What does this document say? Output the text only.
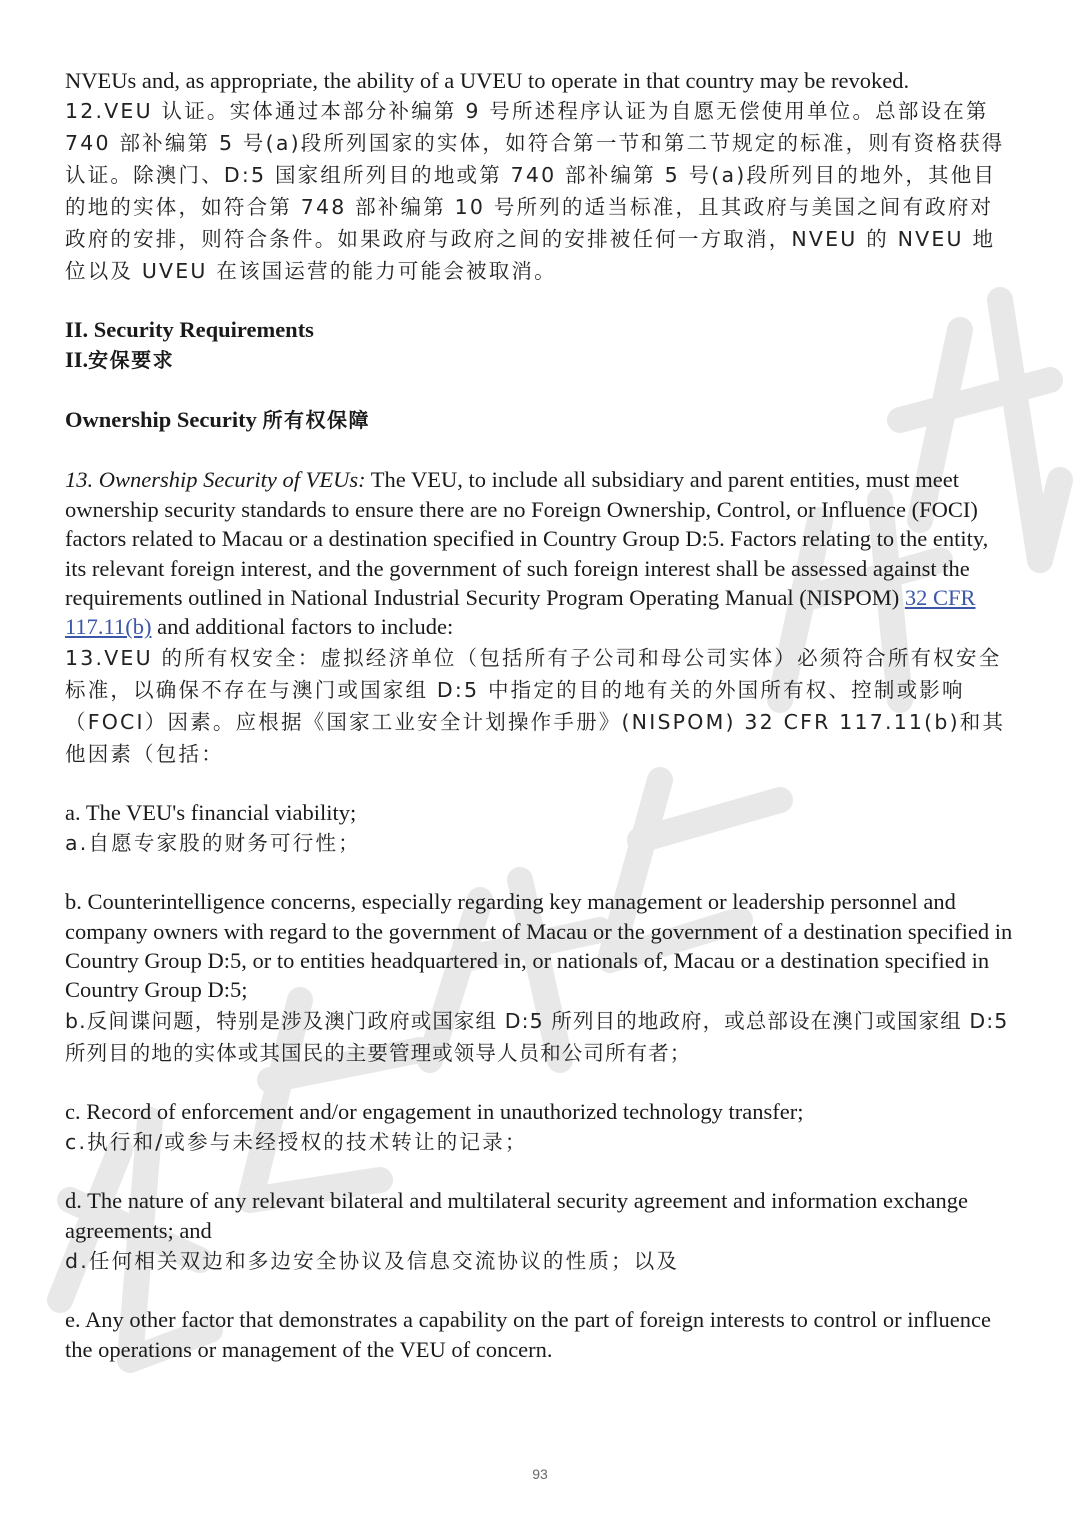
NVEUs and, as appropriate, the ability of a UVEU to operate in that country may be revoked.

12.VEU 认证。实体通过本部分补编第 9 号所述程序认证为自愿无偿使用单位。总部设在第 740 部补编第 5 号(a)段所列国家的实体，如符合第一节和第二节规定的标准，则有资格获得认证。除澳门、D:5 国家组所列目的地或第 740 部补编第 5 号(a)段所列目的地外，其他目的地的实体，如符合第 748 部补编第 10 号所列的适当标准，且其政府与美国之间有政府对政府的安排，则符合条件。如果政府与政府之间的安排被任何一方取消，NVEU 的 NVEU 地位以及 UVEU 在该国运营的能力可能会被取消。

II. Security Requirements

II.安保要求

Ownership Security 所有权保障

13. Ownership Security of VEUs: The VEU, to include all subsidiary and parent entities, must meet ownership security standards to ensure there are no Foreign Ownership, Control, or Influence (FOCI) factors related to Macau or a destination specified in Country Group D:5. Factors relating to the entity, its relevant foreign interest, and the government of such foreign interest shall be assessed against the requirements outlined in National Industrial Security Program Operating Manual (NISPOM) 32 CFR 117.11(b) and additional factors to include:

13.VEU 的所有权安全：虚拟经济单位（包括所有子公司和母公司实体）必须符合所有权安全标准，以确保不存在与澳门或国家组 D:5 中指定的目的地有关的外国所有权、控制或影响（FOCI）因素。应根据《国家工业安全计划操作手册》(NISPOM) 32 CFR 117.11(b)和其他因素（包括：

a. The VEU's financial viability;

a.自愿专家股的财务可行性；

b. Counterintelligence concerns, especially regarding key management or leadership personnel and company owners with regard to the government of Macau or the government of a destination specified in Country Group D:5, or to entities headquartered in, or nationals of, Macau or a destination specified in Country Group D:5;

b.反间谍问题，特别是涉及澳门政府或国家组 D:5 所列目的地政府，或总部设在澳门或国家组 D:5 所列目的地的实体或其国民的主要管理或领导人员和公司所有者；

c. Record of enforcement and/or engagement in unauthorized technology transfer;

c.执行和/或参与未经授权的技术转让的记录；

d. The nature of any relevant bilateral and multilateral security agreement and information exchange agreements; and

d.任何相关双边和多边安全协议及信息交流协议的性质；以及

e. Any other factor that demonstrates a capability on the part of foreign interests to control or influence the operations or management of the VEU of concern.

93
